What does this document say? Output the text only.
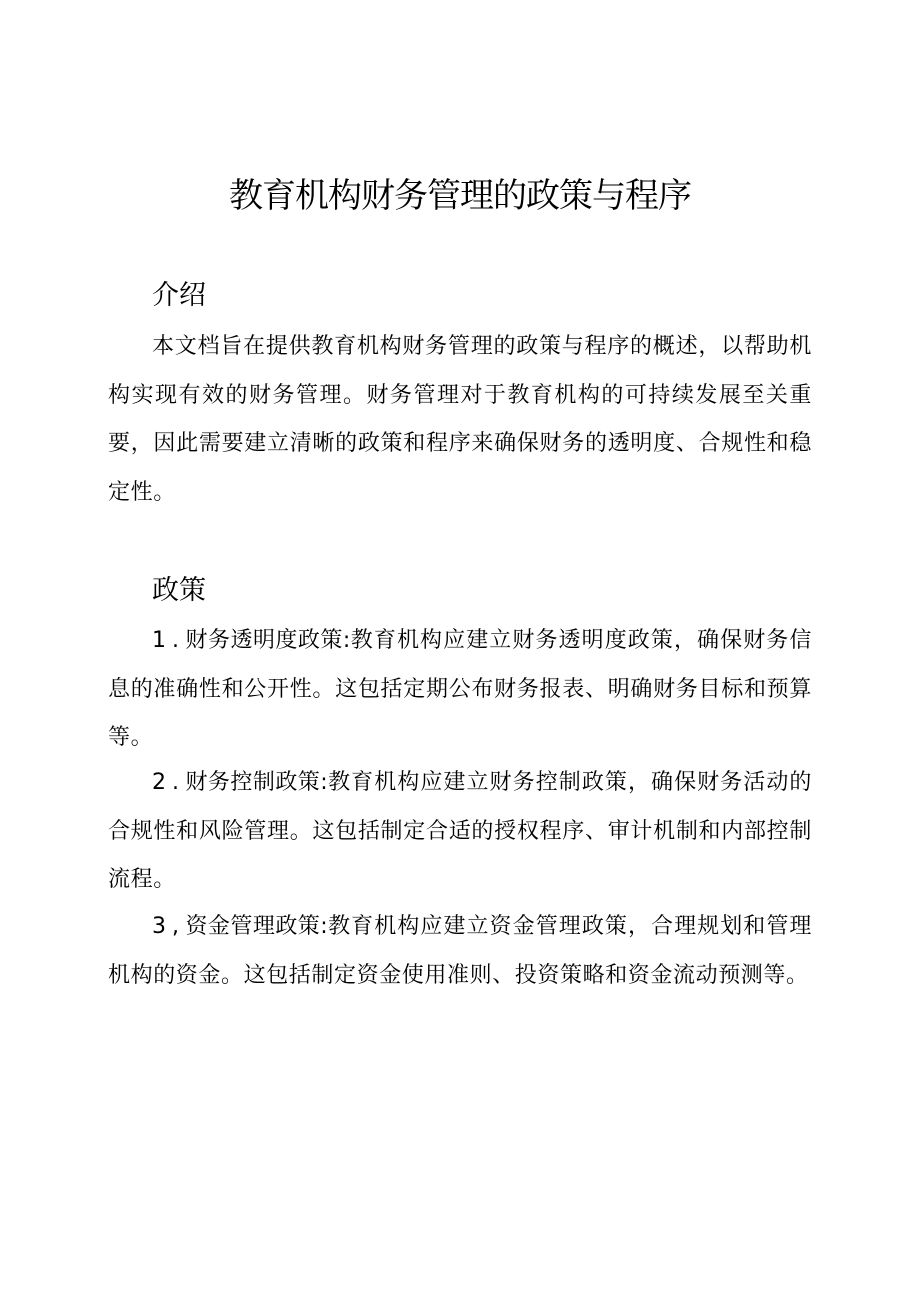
教育机构财务管理的政策与程序
介绍

本文档旨在提供教育机构财务管理的政策与程序的概述，以帮助机构实现有效的财务管理。财务管理对于教育机构的可持续发展至关重要，因此需要建立清晰的政策和程序来确保财务的透明度、合规性和稳定性。

政策

1.财务透明度政策:教育机构应建立财务透明度政策，确保财务信息的准确性和公开性。这包括定期公布财务报表、明确财务目标和预算等。

2.财务控制政策:教育机构应建立财务控制政策，确保财务活动的合规性和风险管理。这包括制定合适的授权程序、审计机制和内部控制流程。

3,资金管理政策:教育机构应建立资金管理政策，合理规划和管理机构的资金。这包括制定资金使用准则、投资策略和资金流动预测等。
